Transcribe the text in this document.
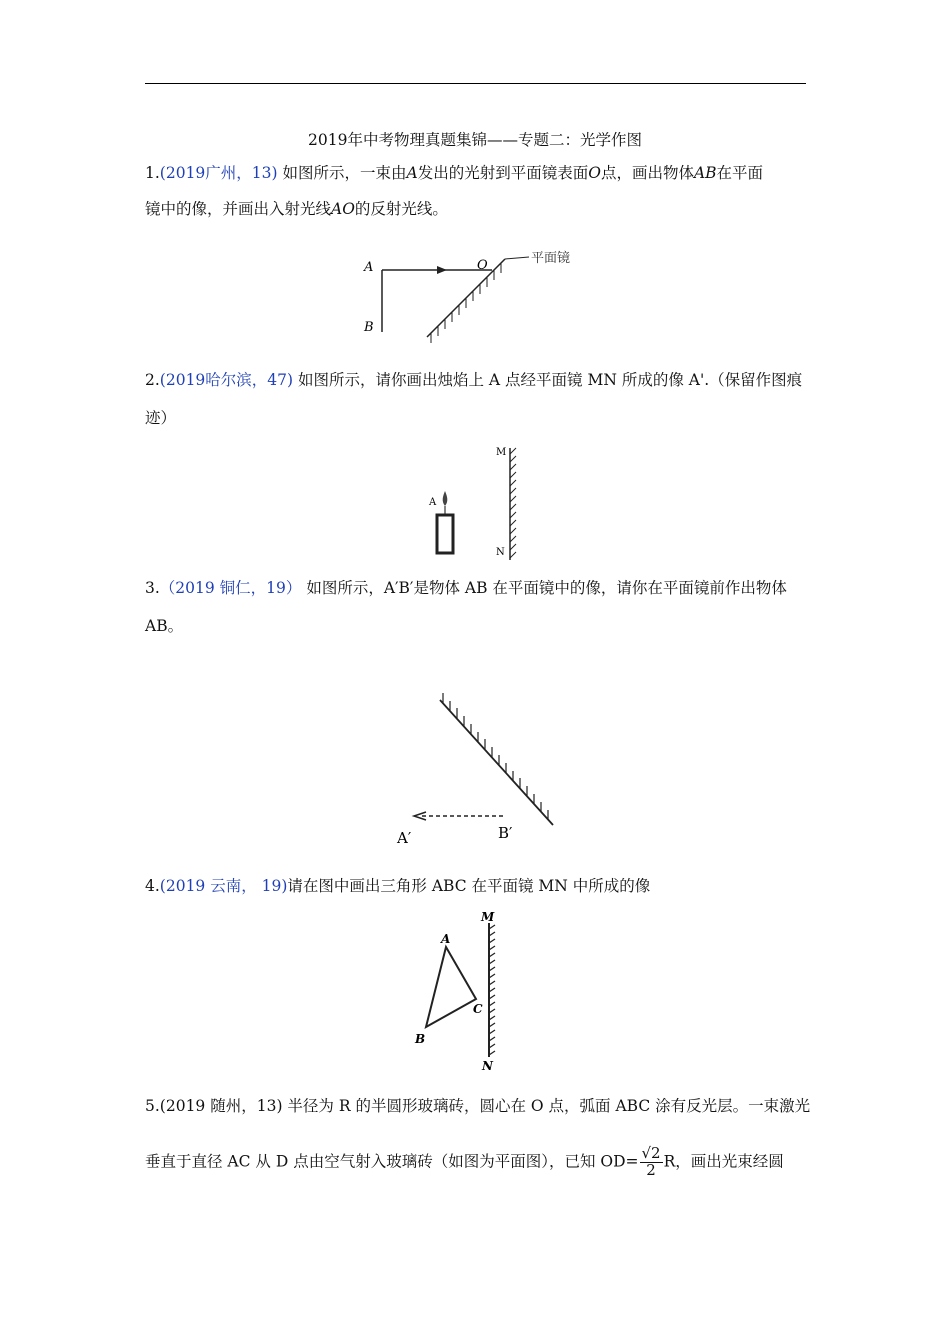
2019年中考物理真题集锦——专题二：光学作图
1.(2019广州，13) 如图所示，一束由A发出的光射到平面镜表面O点，画出物体AB在平面
镜中的像，并画出入射光线AO的反射光线。
A
B
O	平面镜
2.(2019哈尔滨，47) 如图所示，请你画出烛焰上 A 点经平面镜 MN 所成的像 A'.（保留作图痕
迹）
M
N
A
3.（2019 铜仁，19） 如图所示，A′B′是物体 AB 在平面镜中的像，请你在平面镜前作出物体
AB。
A′	B′
4.(2019 云南， 19)请在图中画出三角形 ABC 在平面镜 MN 中所成的像
M
N
A
B
C
5.(2019 随州，13) 半径为 R 的半圆形玻璃砖，圆心在 O 点，弧面 ABC 涂有反光层。一束激光
垂直于直径 AC 从 D 点由空气射入玻璃砖（如图为平面图），已知 $OD= \frac{√2}{2}$ R，画出光束经圆
